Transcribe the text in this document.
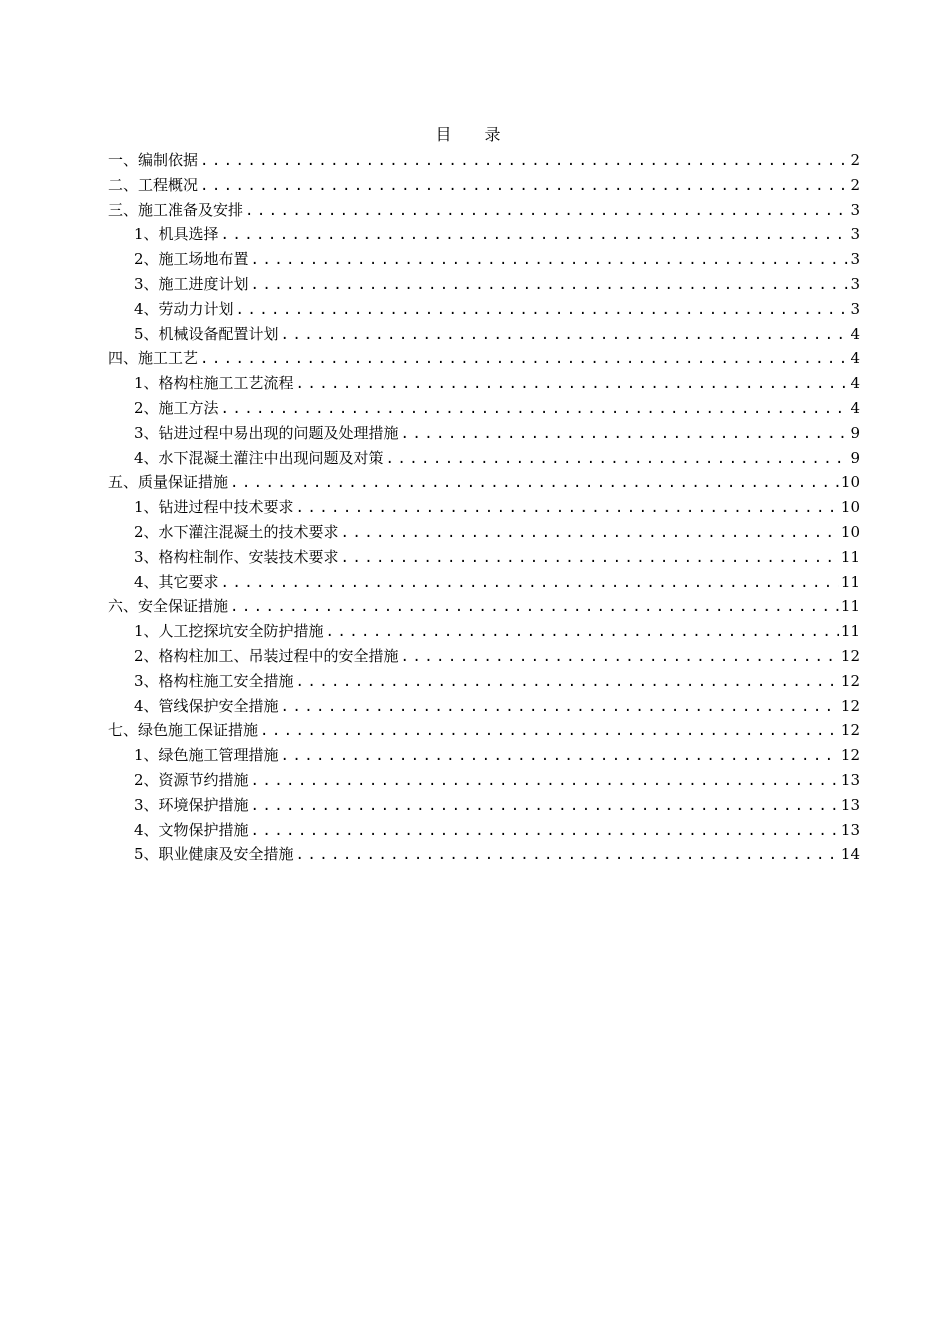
目 录
一、编制依据 .....	2
二、工程概况 .....	2
三、施工准备及安排 .....	3
1、机具选择 .....	3
2、施工场地布置 .....	3
3、施工进度计划 .....	3
4、劳动力计划 .....	3
5、机械设备配置计划 .....	4
四、施工工艺 .....	4
1、格构柱施工工艺流程 .....	4
2、施工方法 .....	4
3、钻进过程中易出现的问题及处理措施 .....	9
4、水下混凝土灌注中出现问题及对策 .....	9
五、质量保证措施 .....	10
1、钻进过程中技术要求 .....	10
2、水下灌注混凝土的技术要求 .....	10
3、格构柱制作、安装技术要求 .....	11
4、其它要求 .....	11
六、安全保证措施 .....	11
1、人工挖探坑安全防护措施 .....	11
2、格构柱加工、吊装过程中的安全措施 .....	12
3、格构柱施工安全措施 .....	12
4、管线保护安全措施 .....	12
七、绿色施工保证措施 .....	12
1、绿色施工管理措施 .....	12
2、资源节约措施 .....	13
3、环境保护措施 .....	13
4、文物保护措施 .....	13
5、职业健康及安全措施 .....	14
